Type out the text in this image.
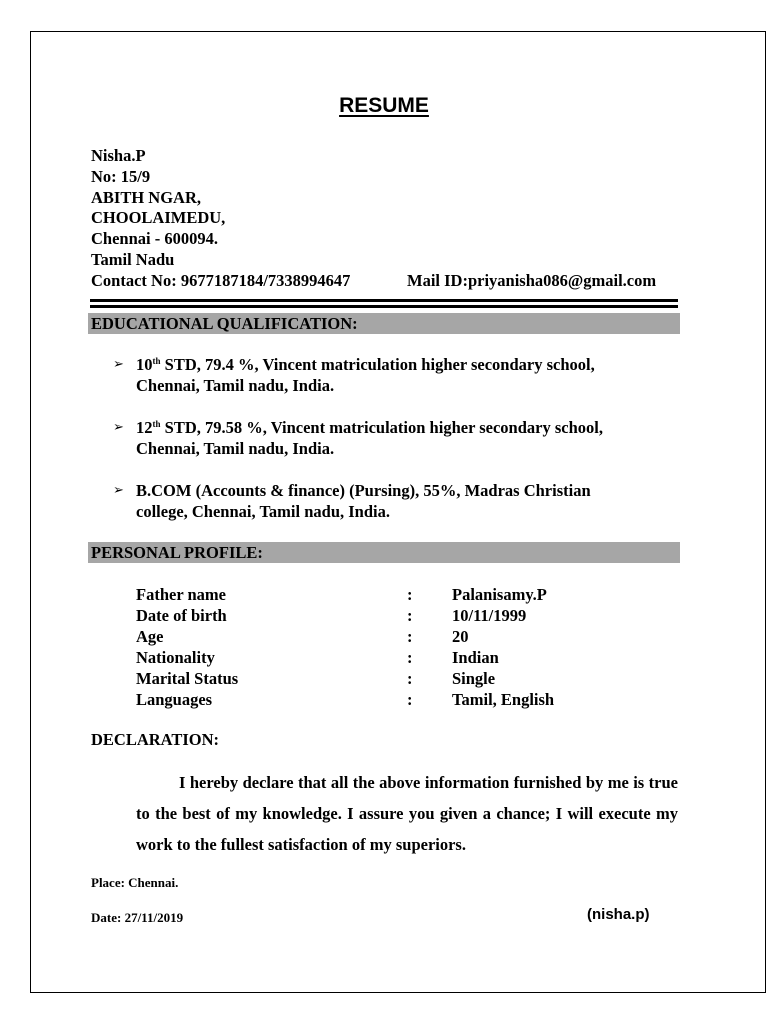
RESUME
Nisha.P
No: 15/9
ABITH NGAR,
CHOOLAIMEDU,
Chennai - 600094.
Tamil Nadu
Contact No: 9677187184/7338994647	Mail ID:priyanisha086@gmail.com
EDUCATIONAL QUALIFICATION:
➢ 10th STD, 79.4 %, Vincent matriculation higher secondary school,
Chennai, Tamil nadu, India.
➢ 12th STD, 79.58 %, Vincent matriculation higher secondary school,
Chennai, Tamil nadu, India.
➢ B.COM (Accounts & finance) (Pursing), 55%, Madras Christian
college, Chennai, Tamil nadu, India.
PERSONAL PROFILE:
Father name	: Palanisamy.P
Date of birth	: 10/11/1999
Age	: 20
Nationality	: Indian
Marital Status	: Single
Languages	: Tamil, English
DECLARATION:
I hereby declare that all the above information furnished by me is true to the best of my knowledge. I assure you given a chance; I will execute my work to the fullest satisfaction of my superiors.
Place: Chennai.
Date: 27/11/2019	(nisha.p)
